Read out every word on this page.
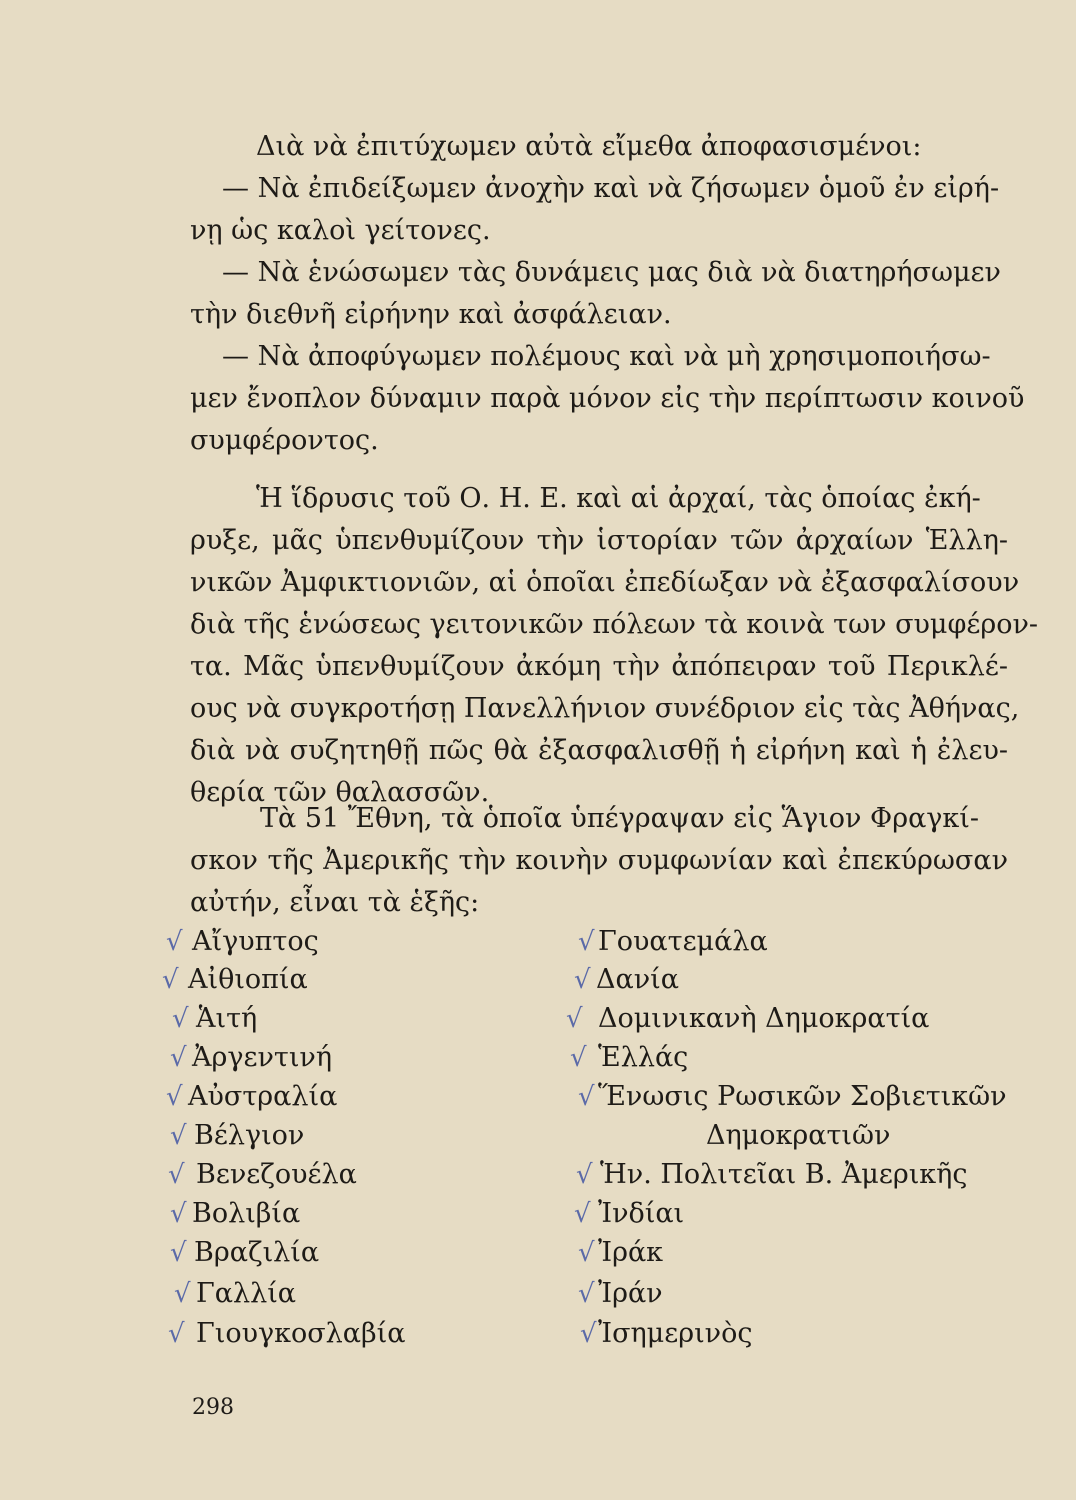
Διὰ νὰ ἐπιτύχωμεν αὐτὰ εἴμεθα ἀποφασισμένοι:
— Νὰ ἐπιδείξωμεν ἀνοχὴν καὶ νὰ ζήσωμεν ὁμοῦ ἐν εἰρή-
νῃ ὡς καλοὶ γείτονες.
— Νὰ ἑνώσωμεν τὰς δυνάμεις μας διὰ νὰ διατηρήσωμεν
τὴν διεθνῆ εἰρήνην καὶ ἀσφάλειαν.
— Νὰ ἀποφύγωμεν πολέμους καὶ νὰ μὴ χρησιμοποιήσω-
μεν ἔνοπλον δύναμιν παρὰ μόνον εἰς τὴν περίπτωσιν κοινοῦ
συμφέροντος.
Ἡ ἵδρυσις τοῦ Ο. Η. Ε. καὶ αἱ ἀρχαί, τὰς ὁποίας ἐκή-
ρυξε, μᾶς ὑπενθυμίζουν τὴν ἱστορίαν τῶν ἀρχαίων Ἑλλη-
νικῶν Ἀμφικτιονιῶν, αἱ ὁποῖαι ἐπεδίωξαν νὰ ἐξασφαλίσουν
διὰ τῆς ἑνώσεως γειτονικῶν πόλεων τὰ κοινὰ των συμφέρον-
τα. Μᾶς ὑπενθυμίζουν ἀκόμη τὴν ἀπόπειραν τοῦ Περικλέ-
ους νὰ συγκροτήσῃ Πανελλήνιον συνέδριον εἰς τὰς Ἀθήνας,
διὰ νὰ συζητηθῇ πῶς θὰ ἐξασφαλισθῇ ἡ εἰρήνη καὶ ἡ ἐλευ-
θερία τῶν θαλασσῶν.
Τὰ 51 Ἔθνη, τὰ ὁποῖα ὑπέγραψαν εἰς Ἅγιον Φραγκί-
σκον τῆς Ἀμερικῆς τὴν κοινὴν συμφωνίαν καὶ ἐπεκύρωσαν
αὐτήν, εἶναι τὰ ἑξῆς:
√ Αἴγυπτος
√ Αἰθιοπία
√ Ἁιτή
√ Ἀργεντινή
√ Αὐστραλία
√ Βέλγιον
√ Βενεζουέλα
√ Βολιβία
√ Βραζιλία
√ Γαλλία
√ Γιουγκοσλαβία
√ Γουατεμάλα
√ Δανία
√ Δομινικανὴ Δημοκρατία
√ Ἑλλάς
√ Ἕνωσις Ρωσικῶν Σοβιετικῶν
Δημοκρατιῶν
√ Ἡν. Πολιτεῖαι Β. Ἀμερικῆς
√ Ἰνδίαι
√ Ἰράκ
√ Ἰράν
√ Ἰσημερινὸς
298
